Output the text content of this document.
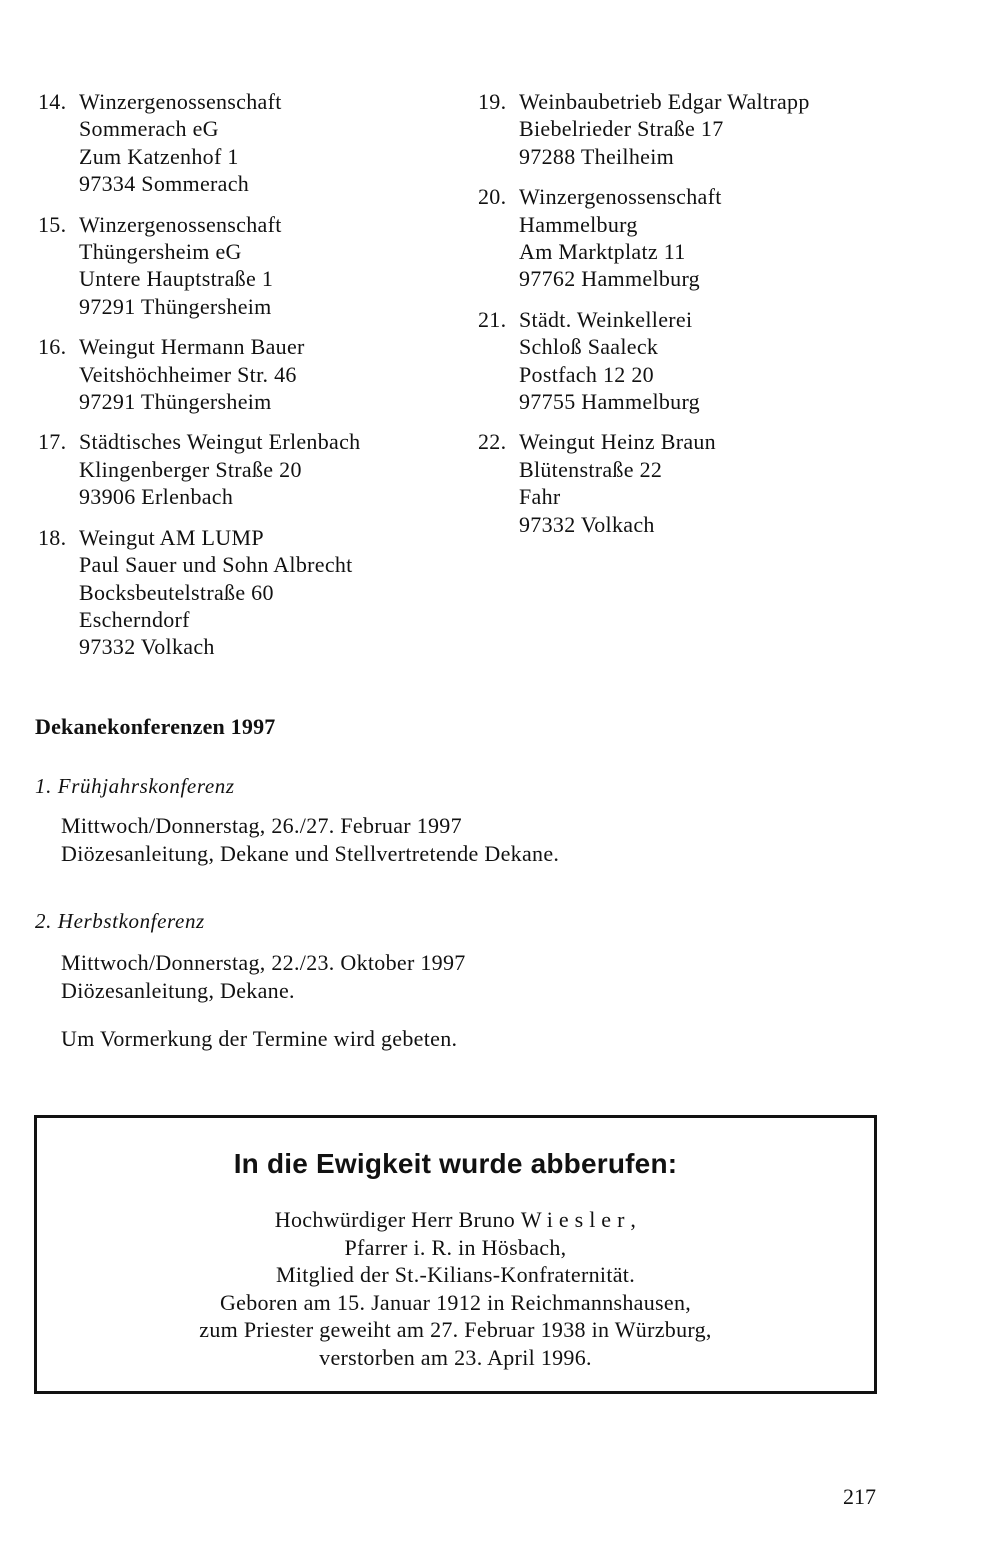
14. Winzergenossenschaft
Sommerach eG
Zum Katzenhof 1
97334 Sommerach
15. Winzergenossenschaft
Thüngersheim eG
Untere Hauptstraße 1
97291 Thüngersheim
16. Weingut Hermann Bauer
Veitshöchheimer Str. 46
97291 Thüngersheim
17. Städtisches Weingut Erlenbach
Klingenberger Straße 20
93906 Erlenbach
18. Weingut AM LUMP
Paul Sauer und Sohn Albrecht
Bocksbeutelstraße 60
Escherndorf
97332 Volkach
19. Weinbaubetrieb Edgar Waltrapp
Biebelrieder Straße 17
97288 Theilheim
20. Winzergenossenschaft
Hammelburg
Am Marktplatz 11
97762 Hammelburg
21. Städt. Weinkellerei
Schloß Saaleck
Postfach 12 20
97755 Hammelburg
22. Weingut Heinz Braun
Blütenstraße 22
Fahr
97332 Volkach
Dekanekonferenzen 1997
1. Frühjahrskonferenz
Mittwoch/Donnerstag, 26./27. Februar 1997
Diözesanleitung, Dekane und Stellvertretende Dekane.
2. Herbstkonferenz
Mittwoch/Donnerstag, 22./23. Oktober 1997
Diözesanleitung, Dekane.
Um Vormerkung der Termine wird gebeten.
In die Ewigkeit wurde abberufen:
Hochwürdiger Herr Bruno Wiesler,
Pfarrer i. R. in Hösbach,
Mitglied der St.-Kilians-Konfraternität.
Geboren am 15. Januar 1912 in Reichmannshausen,
zum Priester geweiht am 27. Februar 1938 in Würzburg,
verstorben am 23. April 1996.
217
